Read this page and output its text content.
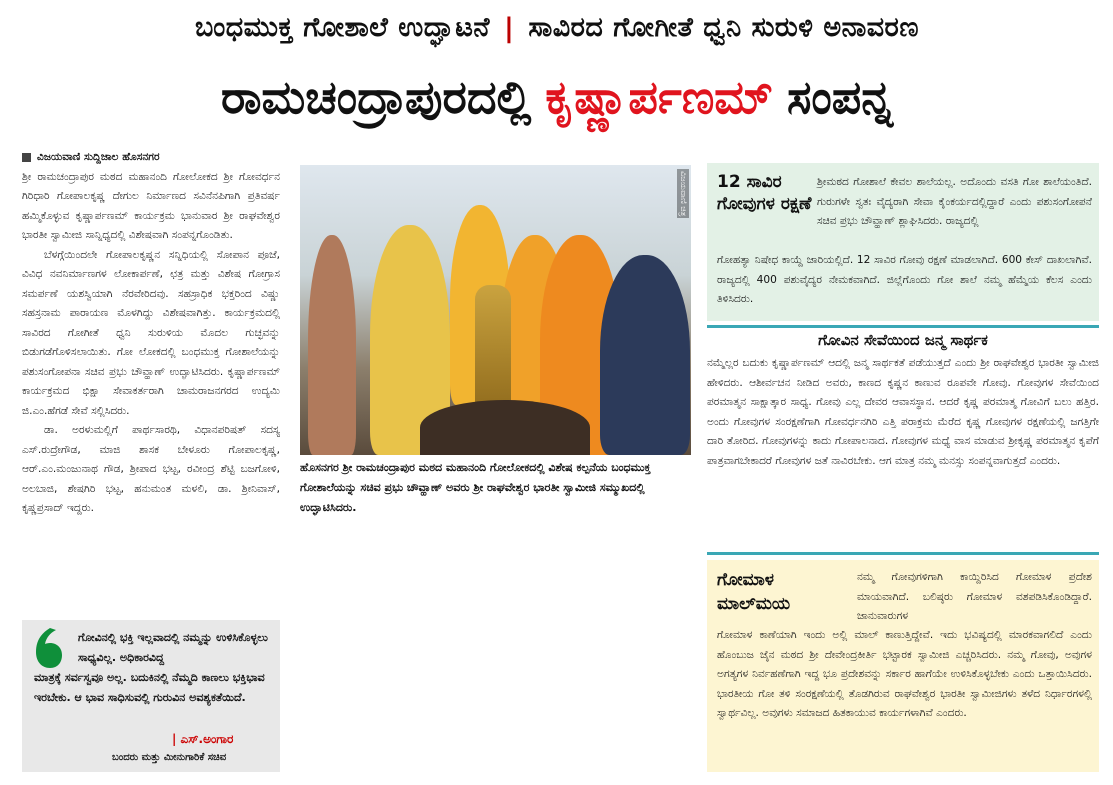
ಬಂಧಮುಕ್ತ ಗೋಶಾಲೆ ಉದ್ಘಾಟನೆ | ಸಾವಿರದ ಗೋಗೀತೆ ಧ್ವನಿ ಸುರುಳಿ ಅನಾವರಣ
ರಾಮಚಂದ್ರಾಪುರದಲ್ಲಿ ಕೃಷ್ಣಾರ್ಪಣಮ್ ಸಂಪನ್ನ
ವಿಜಯವಾಣಿ ಸುದ್ದಿಜಾಲ ಹೊಸನಗರ

ಶ್ರೀ ರಾಮಚಂದ್ರಾಪುರ ಮಠದ ಮಹಾನಂದಿ ಗೋಲೋಕದ ಶ್ರೀ ಗೋವರ್ಧನ ಗಿರಿಧಾರಿ ಗೋಪಾಲಕೃಷ್ಣ ದೇಗುಲ ನಿರ್ಮಾಣದ ಸವಿನೆನಪಿಗಾಗಿ ಪ್ರತಿವರ್ಷ ಹಮ್ಮಿಕೊಳ್ಳುವ ಕೃಷ್ಣಾರ್ಪಣಮ್ ಕಾರ್ಯಕ್ರಮ ಭಾನುವಾರ ಶ್ರೀ ರಾಘವೇಶ್ವರ ಭಾರತೀ ಸ್ವಾಮೀಜಿ ಸಾನ್ನಿಧ್ಯದಲ್ಲಿ ವಿಶೇಷವಾಗಿ ಸಂಪನ್ನಗೊಂಡಿತು.

ಬೆಳಗ್ಗೆಯಿಂದಲೇ ಗೋಪಾಲಕೃಷ್ಣನ ಸನ್ನಿಧಿಯಲ್ಲಿ ಸೋಪಾನ ಪೂಜೆ, ವಿವಿಧ ನವನಿರ್ಮಾಣಗಳ ಲೋಕಾರ್ಪಣೆ, ಛತ್ರ ಮತ್ತು ವಿಶೇಷ ಗೋಗ್ರಾಸ ಸಮರ್ಪಣೆ ಯಶಸ್ವಿಯಾಗಿ ನೆರವೇರಿದವು. ಸಹಸ್ರಾಧಿಕ ಭಕ್ತರಿಂದ ವಿಷ್ಣು ಸಹಸ್ರನಾಮ ಪಾರಾಯಣ ಮೊಳಗಿದ್ದು ವಿಶೇಷವಾಗಿತ್ತು. ಕಾರ್ಯಕ್ರಮದಲ್ಲಿ ಸಾವಿರದ ಗೋಗೀತೆ ಧ್ವನಿ ಸುರುಳಿಯ ಮೊದಲ ಗುಚ್ಛವನ್ನು ಬಿಡುಗಡೆಗೊಳಿಸಲಾಯಿತು. ಗೋ ಲೋಕದಲ್ಲಿ ಬಂಧಮುಕ್ತ ಗೋಶಾಲೆಯನ್ನು ಪಶುಸಂಗೋಪನಾ ಸಚಿವ ಪ್ರಭು ಚೌವ್ಹಾಣ್ ಉದ್ಘಾಟಿಸಿದರು. ಕೃಷ್ಣಾರ್ಪಣಮ್ ಕಾರ್ಯಕ್ರಮದ ಭಿಕ್ಷಾ ಸೇವಾಕರ್ತರಾಗಿ ಚಾಮರಾಜನಗರದ ಉದ್ಯಮಿ ಜಿ.ಎಂ.ಹೆಗಡೆ ಸೇವೆ ಸಲ್ಲಿಸಿದರು.

ಡಾ. ಅರಳುಮಲ್ಲಿಗೆ ಪಾರ್ಥಸಾರಥಿ, ವಿಧಾನಪರಿಷತ್ ಸದಸ್ಯ ಎಸ್.ರುದ್ರೇಗೌಡ, ಮಾಜಿ ಶಾಸಕ ಬೇಳೂರು ಗೋಪಾಲಕೃಷ್ಣ, ಆರ್.ಎಂ.ಮಂಜುನಾಥ ಗೌಡ, ಶ್ರೀಪಾದ ಭಟ್ಟ, ರವೀಂದ್ರ ಶೆಟ್ಟಿ ಬಜಗೋಳಿ, ಅಲಬಾಜಿ, ಶೇಷಗಿರಿ ಭಟ್ಟ, ಹನುಮಂತ ಮಳಲಿ, ಡಾ. ಶ್ರೀನಿವಾಸ್, ಕೃಷ್ಣಪ್ರಸಾದ್ ಇದ್ದರು.

ವಿಜಯವಾಣಿ ಚಿತ್ರ
ಹೊಸನಗರ ಶ್ರೀ ರಾಮಚಂದ್ರಾಪುರ ಮಠದ ಮಹಾನಂದಿ ಗೋಲೋಕದಲ್ಲಿ ವಿಶೇಷ ಕಲ್ಪನೆಯ ಬಂಧಮುಕ್ತ ಗೋಶಾಲೆಯನ್ನು ಸಚಿವ ಪ್ರಭು ಚೌವ್ಹಾಣ್ ಅವರು ಶ್ರೀ ರಾಘವೇಶ್ವರ ಭಾರತೀ ಸ್ವಾಮೀಜಿ ಸಮ್ಮುಖದಲ್ಲಿ ಉದ್ಘಾಟಿಸಿದರು.
12 ಸಾವಿರ ಗೋವುಗಳ ರಕ್ಷಣೆ
ಶ್ರೀಮಠದ ಗೋಶಾಲೆ ಕೇವಲ ಶಾಲೆಯಲ್ಲ. ಅದೊಂದು ವಸತಿ ಗೋ ಶಾಲೆಯಂತಿದೆ. ಗುರುಗಳೇ ಸ್ವತಃ ವೈದ್ಯರಾಗಿ ಸೇವಾ ಕೈಂಕರ್ಯದಲ್ಲಿದ್ದಾರೆ ಎಂದು ಪಶುಸಂಗೋಪನೆ ಸಚಿವ ಪ್ರಭು ಚೌವ್ಹಾಣ್ ಶ್ಲಾಘಿಸಿದರು. ರಾಜ್ಯದಲ್ಲಿ
ಗೋಹತ್ಯಾ ನಿಷೇಧ ಕಾಯ್ದೆ ಜಾರಿಯಲ್ಲಿದೆ. 12 ಸಾವಿರ ಗೋವು ರಕ್ಷಣೆ ಮಾಡಲಾಗಿದೆ. 600 ಕೇಸ್ ದಾಖಲಾಗಿವೆ. ರಾಜ್ಯದಲ್ಲಿ 400 ಪಶುವೈದ್ಯರ ನೇಮಕವಾಗಿದೆ. ಜಿಲ್ಲೆಗೊಂದು ಗೋ ಶಾಲೆ ನಮ್ಮ ಹೆಮ್ಮೆಯ ಕೆಲಸ ಎಂದು ತಿಳಿಸಿದರು.
ಗೋವಿನ ಸೇವೆಯಿಂದ ಜನ್ಮ ಸಾರ್ಥಕ
ನಮ್ಮೆಲ್ಲರ ಬದುಕು ಕೃಷ್ಣಾರ್ಪಣಮ್ ಆದಲ್ಲಿ ಜನ್ಮ ಸಾರ್ಥಕತೆ ಪಡೆಯುತ್ತದೆ ಎಂದು ಶ್ರೀ ರಾಘವೇಶ್ವರ ಭಾರತೀ ಸ್ವಾಮೀಜಿ ಹೇಳಿದರು. ಆಶೀರ್ವಚನ ನೀಡಿದ ಅವರು, ಕಾಣದ ಕೃಷ್ಣನ ಕಾಣುವ ರೂಪವೇ ಗೋವು. ಗೋವುಗಳ ಸೇವೆಯಿಂದ ಪರಮಾತ್ಮನ ಸಾಕ್ಷಾತ್ಕಾರ ಸಾಧ್ಯ. ಗೋವು ಎಲ್ಲ ದೇವರ ಆವಾಸಸ್ಥಾನ. ಆದರೆ ಕೃಷ್ಣ ಪರಮಾತ್ಮ ಗೋವಿಗೆ ಬಲು ಹತ್ತಿರ. ಅಂದು ಗೋವುಗಳ ಸಂರಕ್ಷಣೆಗಾಗಿ ಗೋವರ್ಧನಗಿರಿ ಎತ್ತಿ ಪರಾಕ್ರಮ ಮೆರೆದ ಕೃಷ್ಣ ಗೋವುಗಳ ರಕ್ಷಣೆಯಲ್ಲಿ ಜಗತ್ತಿಗೇ ದಾರಿ ತೋರಿದ. ಗೋವುಗಳನ್ನು ಕಾದು ಗೋಪಾಲನಾದ. ಗೋವುಗಳ ಮಧ್ಯೆ ವಾಸ ಮಾಡುವ ಶ್ರೀಕೃಷ್ಣ ಪರಮಾತ್ಮನ ಕೃಪೆಗೆ ಪಾತ್ರವಾಗಬೇಕಾದರೆ ಗೋವುಗಳ ಜತೆ ನಾವಿರಬೇಕು. ಆಗ ಮಾತ್ರ ನಮ್ಮ ಮನಸ್ಸು ಸಂಪನ್ನವಾಗುತ್ತದೆ ಎಂದರು.
ಗೋಮಾಳ ಮಾಲ್‌ಮಯ
ನಮ್ಮ ಗೋವುಗಳಿಗಾಗಿ ಕಾಯ್ದಿರಿಸಿದ ಗೋಮಾಳ ಪ್ರದೇಶ ಮಾಯವಾಗಿದೆ. ಬಲಿಷ್ಠರು ಗೋಮಾಳ ವಶಪಡಿಸಿಕೊಂಡಿದ್ದಾರೆ. ಜಾನುವಾರುಗಳ
ಗೋಮಾಳ ಕಾಣೆಯಾಗಿ ಇಂದು ಅಲ್ಲಿ ಮಾಲ್ ಕಾಣುತ್ತಿದ್ದೇವೆ. ಇದು ಭವಿಷ್ಯದಲ್ಲಿ ಮಾರಕವಾಗಲಿದೆ ಎಂದು ಹೊಂಬುಜ ಜೈನ ಮಠದ ಶ್ರೀ ದೇವೇಂದ್ರಕೀರ್ತಿ ಭಟ್ಟಾರಕ ಸ್ವಾಮೀಜಿ ಎಚ್ಚರಿಸಿದರು. ನಮ್ಮ ಗೋವು, ಅವುಗಳ ಅಗತ್ಯಗಳ ನಿರ್ವಹಣೆಗಾಗಿ ಇದ್ದ ಭೂ ಪ್ರದೇಶವನ್ನು ಸರ್ಕಾರ ಹಾಗೆಯೇ ಉಳಿಸಿಕೊಳ್ಳಬೇಕು ಎಂದು ಒತ್ತಾಯಿಸಿದರು. ಭಾರತೀಯ ಗೋ ತಳಿ ಸಂರಕ್ಷಣೆಯಲ್ಲಿ ತೊಡಗಿರುವ ರಾಘವೇಶ್ವರ ಭಾರತೀ ಸ್ವಾಮೀಜಿಗಳು ತಳೆದ ನಿರ್ಧಾರಗಳಲ್ಲಿ ಸ್ವಾರ್ಥವಿಲ್ಲ. ಅವುಗಳು ಸಮಾಜದ ಹಿತಕಾಯುವ ಕಾರ್ಯಗಳಾಗಿವೆ ಎಂದರು.
ಗೋವಿನಲ್ಲಿ ಭಕ್ತಿ ಇಲ್ಲವಾದಲ್ಲಿ ನಮ್ಮನ್ನು ಉಳಿಸಿಕೊಳ್ಳಲು ಸಾಧ್ಯವಿಲ್ಲ. ಅಧಿಕಾರವಿದ್ದ
ಮಾತ್ರಕ್ಕೆ ಸರ್ವಸ್ವವೂ ಅಲ್ಲ. ಬದುಕಿನಲ್ಲಿ ನೆಮ್ಮದಿ ಕಾಣಲು ಭಕ್ತಿಭಾವ ಇರಬೇಕು. ಆ ಭಾವ ಸಾಧಿಸುವಲ್ಲಿ ಗುರುವಿನ ಅವಶ್ಯಕತೆಯಿದೆ.
| ಎಸ್.ಅಂಗಾರ
ಬಂದರು ಮತ್ತು ಮೀನುಗಾರಿಕೆ ಸಚಿವ
